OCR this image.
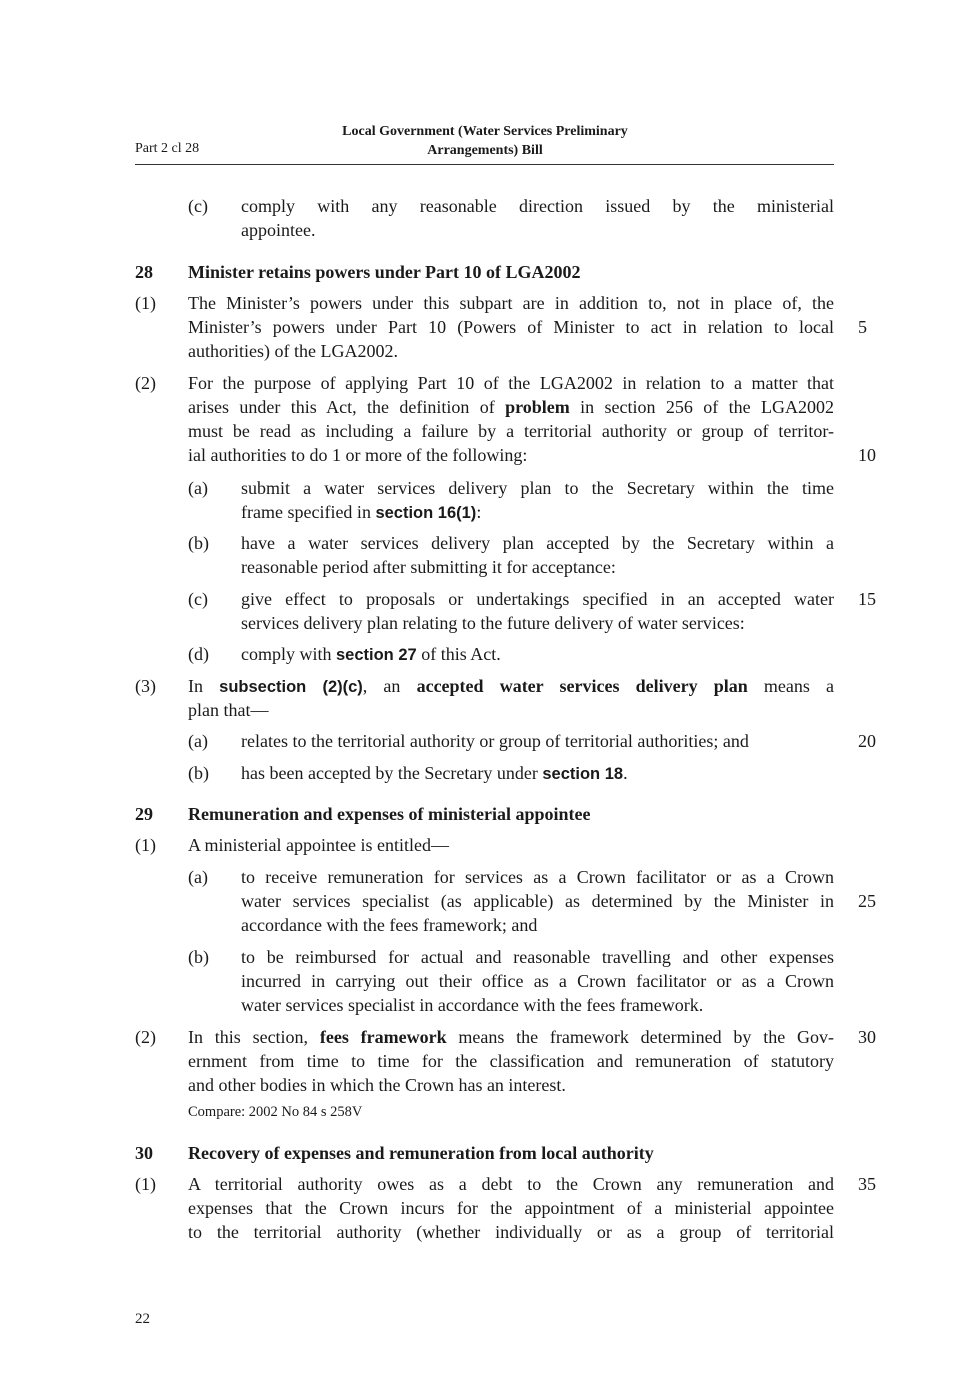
Part 2 cl 28
Local Government (Water Services Preliminary
Arrangements) Bill
(c) comply with any reasonable direction issued by the ministerial
appointee.
28 Minister retains powers under Part 10 of LGA2002
(1) The Minister’s powers under this subpart are in addition to, not in place of, the
Minister’s powers under Part 10 (Powers of Minister to act in relation to local
authorities) of the LGA2002.
(2) For the purpose of applying Part 10 of the LGA2002 in relation to a matter that
arises under this Act, the definition of problem in section 256 of the LGA2002
must be read as including a failure by a territorial authority or group of territor-
ial authorities to do 1 or more of the following:
(a) submit a water services delivery plan to the Secretary within the time
frame specified in section 16(1):
(b) have a water services delivery plan accepted by the Secretary within a
reasonable period after submitting it for acceptance:
(c) give effect to proposals or undertakings specified in an accepted water
services delivery plan relating to the future delivery of water services:
(d) comply with section 27 of this Act.
(3) In subsection (2)(c), an accepted water services delivery plan means a
plan that—
(a) relates to the territorial authority or group of territorial authorities; and
(b) has been accepted by the Secretary under section 18.
29 Remuneration and expenses of ministerial appointee
(1) A ministerial appointee is entitled—
(a) to receive remuneration for services as a Crown facilitator or as a Crown
water services specialist (as applicable) as determined by the Minister in
accordance with the fees framework; and
(b) to be reimbursed for actual and reasonable travelling and other expenses
incurred in carrying out their office as a Crown facilitator or as a Crown
water services specialist in accordance with the fees framework.
(2) In this section, fees framework means the framework determined by the Gov-
ernment from time to time for the classification and remuneration of statutory
and other bodies in which the Crown has an interest.
Compare: 2002 No 84 s 258V
30 Recovery of expenses and remuneration from local authority
(1) A territorial authority owes as a debt to the Crown any remuneration and
expenses that the Crown incurs for the appointment of a ministerial appointee
to the territorial authority (whether individually or as a group of territorial
5
10
15
20
25
30
35
22
